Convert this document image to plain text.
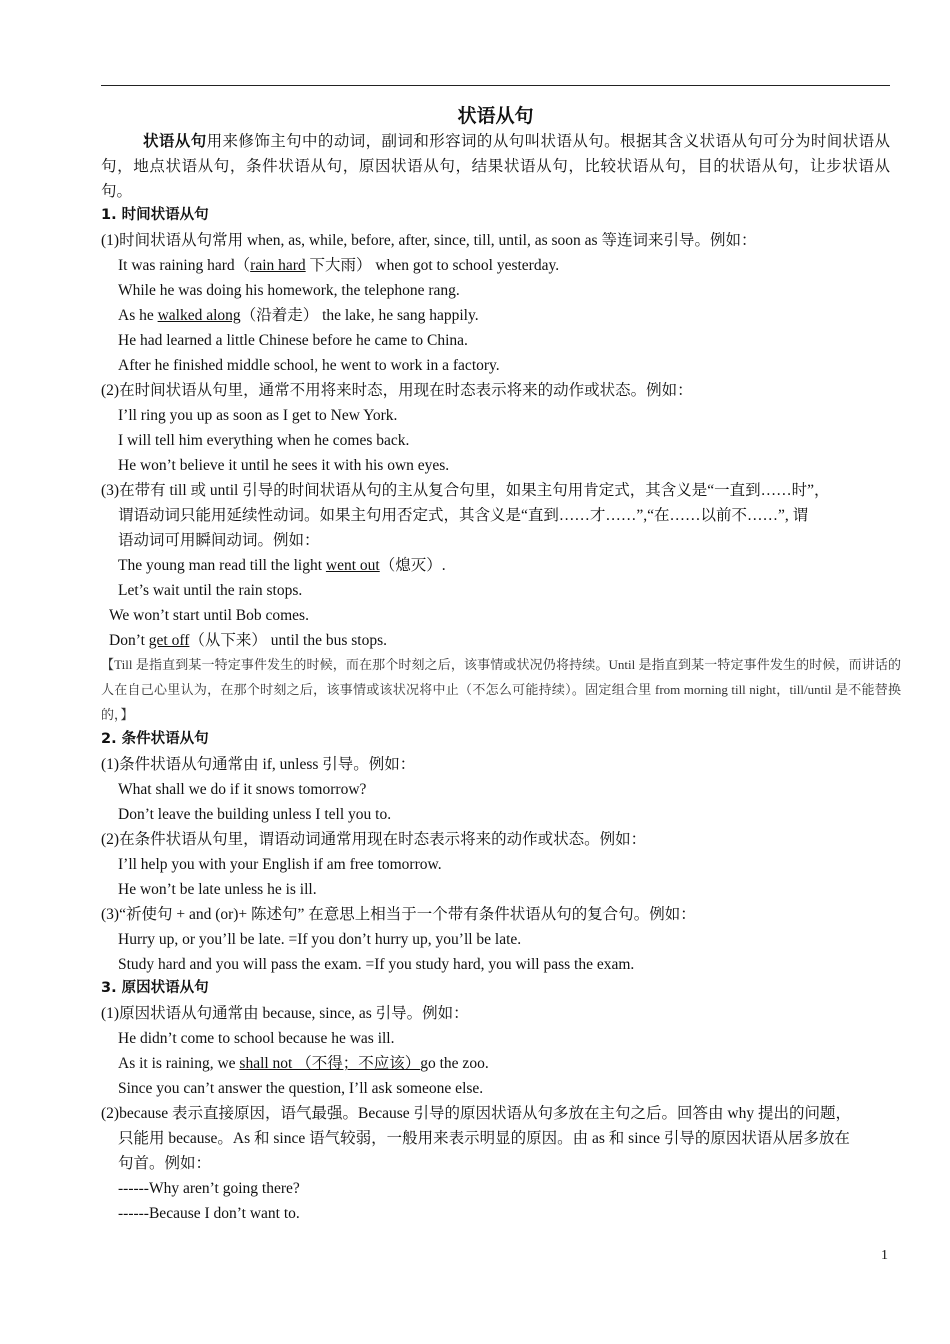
状语从句
状语从句用来修饰主句中的动词，副词和形容词的从句叫状语从句。根据其含义状语从句可分为时间状语从句，地点状语从句，条件状语从句，原因状语从句，结果状语从句，比较状语从句，目的状语从句，让步状语从句。
1. 时间状语从句
(1)时间状语从句常用 when, as, while, before, after, since, till, until, as soon as 等连词来引导。例如：
It was raining hard（rain hard 下大雨） when got to school yesterday.
While he was doing his homework, the telephone rang.
As he walked along（沿着走） the lake, he sang happily.
He had learned a little Chinese before he came to China.
After he finished middle school, he went to work in a factory.
(2)在时间状语从句里，通常不用将来时态，用现在时态表示将来的动作或状态。例如：
I’ll ring you up as soon as I get to New York.
I will tell him everything when he comes back.
He won’t believe it until he sees it with his own eyes.
(3)在带有 till 或 until 引导的时间状语从句的主从复合句里，如果主句用肯定式，其含义是“一直到……时”，
谓语动词只能用延续性动词。如果主句用否定式，其含义是“直到……才……”,“在……以前不……”, 谓
语动词可用瞬间动词。例如：
The young man read till the light went out（熄灭）.
Let’s wait until the rain stops.
We won’t start until Bob comes.
Don’t get off（从下来） until the bus stops.
【Till 是指直到某一特定事件发生的时候，而在那个时刻之后，该事情或状况仍将持续。Until 是指直到某一特定事件发生的时候，而讲话的人在自己心里认为，在那个时刻之后，该事情或该状况将中止（不怎么可能持续）。固定组合里 from morning till night，till/until 是不能替换的，】
2. 条件状语从句
(1)条件状语从句通常由 if, unless 引导。例如：
What shall we do if it snows tomorrow?
Don’t leave the building unless I tell you to.
(2)在条件状语从句里，谓语动词通常用现在时态表示将来的动作或状态。例如：
I’ll help you with your English if am free tomorrow.
He won’t be late unless he is ill.
(3)“祈使句 + and (or)+ 陈述句” 在意思上相当于一个带有条件状语从句的复合句。例如：
Hurry up, or you’ll be late. =If you don’t hurry up, you’ll be late.
Study hard and you will pass the exam. =If you study hard, you will pass the exam.
3. 原因状语从句
(1)原因状语从句通常由 because, since, as 引导。例如：
He didn’t come to school because he was ill.
As it is raining, we shall not （不得；不应该）go the zoo.
Since you can’t answer the question, I’ll ask someone else.
(2)because 表示直接原因，语气最强。Because 引导的原因状语从句多放在主句之后。回答由 why 提出的问题，
只能用 because。As 和 since 语气较弱，一般用来表示明显的原因。由 as 和 since 引导的原因状语从居多放在
句首。例如：
------Why aren’t going there?
------Because I don’t want to.
1
